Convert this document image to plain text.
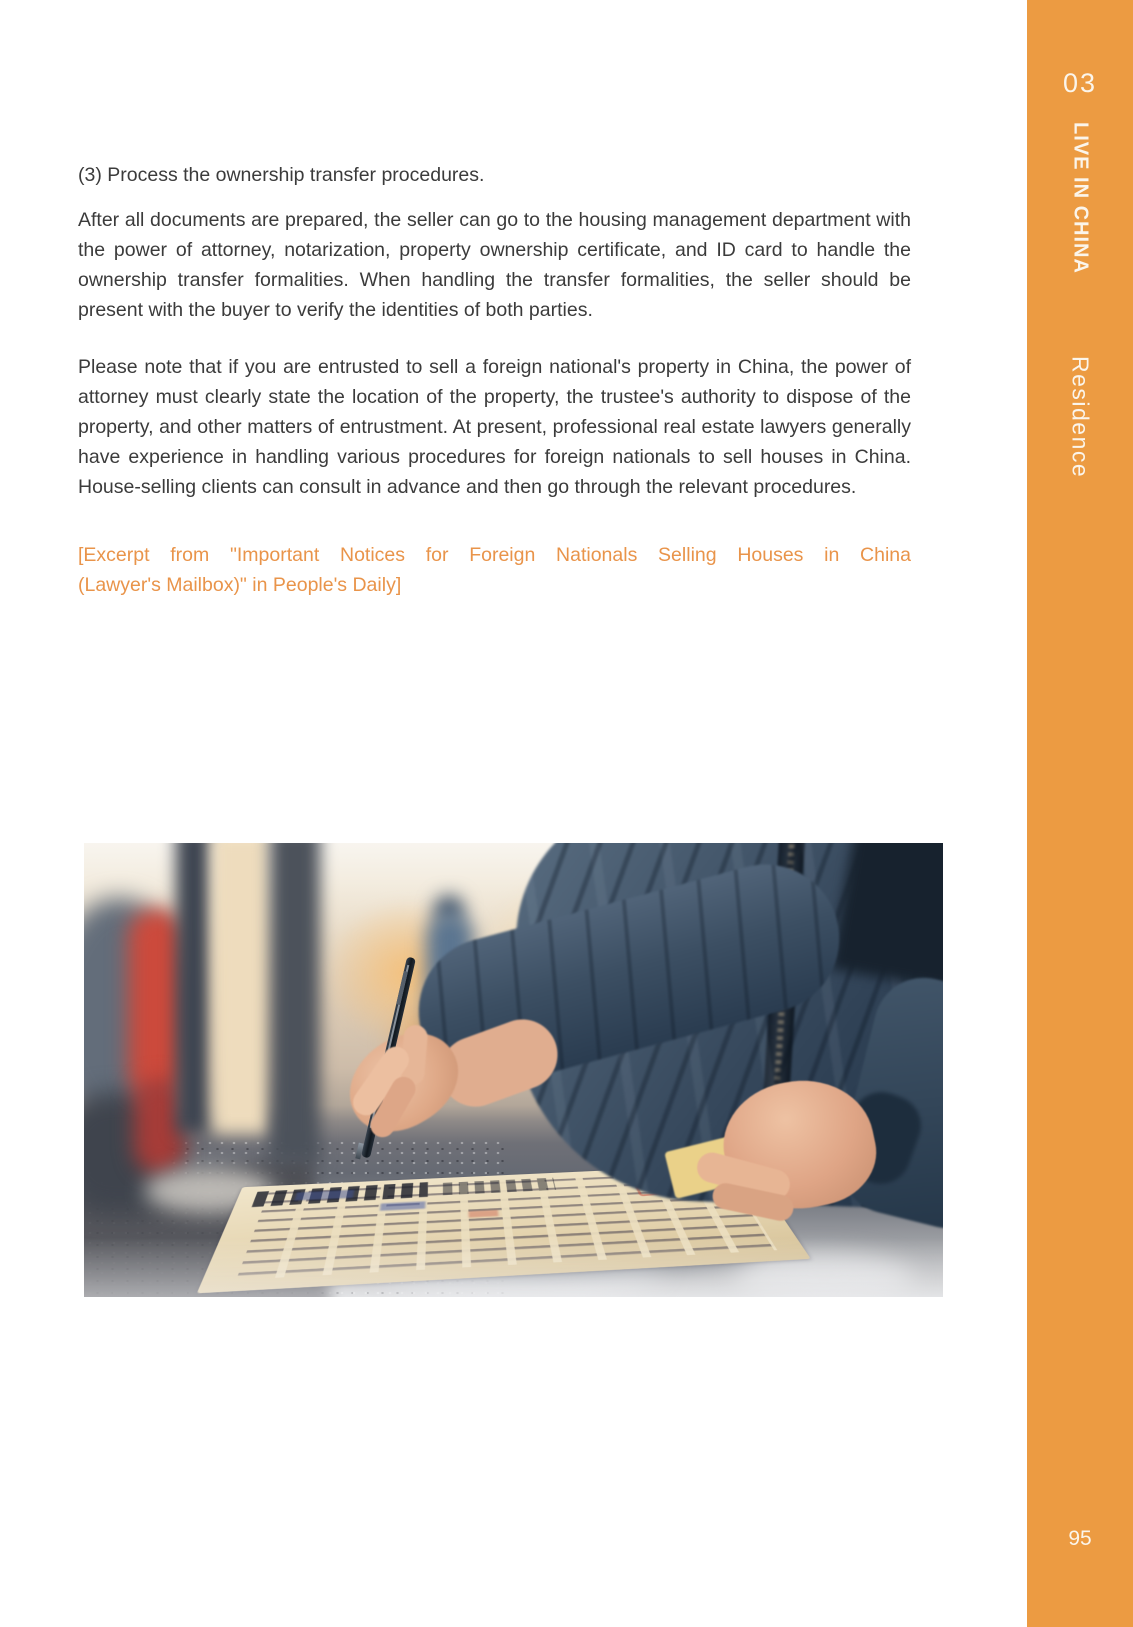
(3) Process the ownership transfer procedures.

After all documents are prepared, the seller can go to the housing management department with the power of attorney, notarization, property ownership certificate, and ID card to handle the ownership transfer formalities. When handling the transfer formalities, the seller should be present with the buyer to verify the identities of both parties.

Please note that if you are entrusted to sell a foreign national's property in China, the power of attorney must clearly state the location of the property, the trustee's authority to dispose of the property, and other matters of entrustment. At present, professional real estate lawyers generally have experience in handling various procedures for foreign nationals to sell houses in China. House-selling clients can consult in advance and then go through the relevant procedures.

[Excerpt from "Important Notices for Foreign Nationals Selling Houses in China
(Lawyer's Mailbox)" in People's Daily]
03
LIVE IN CHINA
Residence
95
